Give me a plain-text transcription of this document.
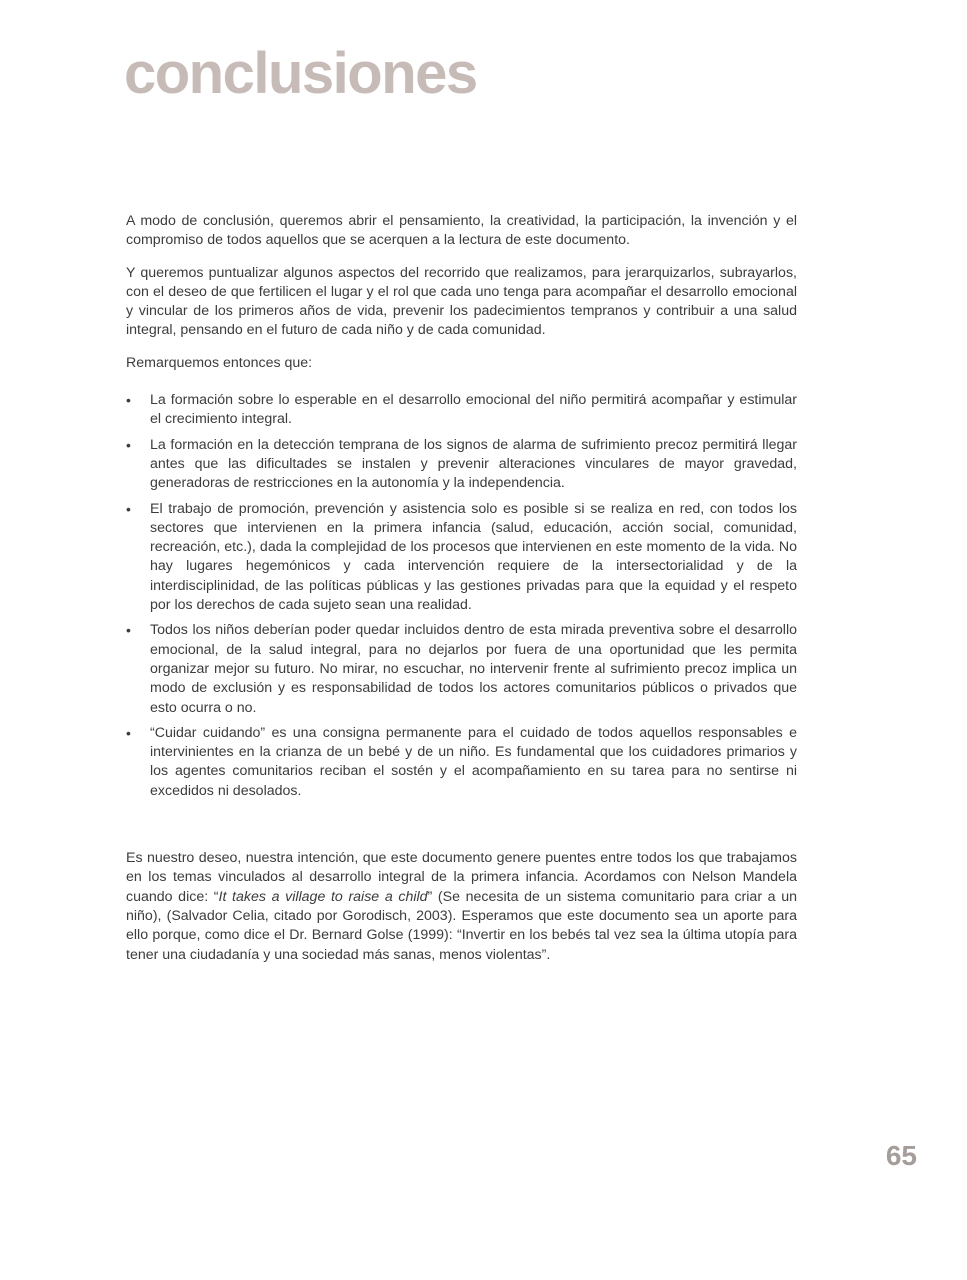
conclusiones

A modo de conclusión, queremos abrir el pensamiento, la creatividad, la participación, la invención y el compromiso de todos aquellos que se acerquen a la lectura de este documento.

Y queremos puntualizar algunos aspectos del recorrido que realizamos, para jerarquizarlos, subrayarlos, con el deseo de que fertilicen el lugar y el rol que cada uno tenga para acompañar el desarrollo emocional y vincular de los primeros años de vida, prevenir los padecimientos tempranos y contribuir a una salud integral, pensando en el futuro de cada niño y de cada comunidad.

Remarquemos entonces que:

• La formación sobre lo esperable en el desarrollo emocional del niño permitirá acompañar y estimular el crecimiento integral.
• La formación en la detección temprana de los signos de alarma de sufrimiento precoz permitirá llegar antes que las dificultades se instalen y prevenir alteraciones vinculares de mayor gravedad, generadoras de restricciones en la autonomía y la independencia.
• El trabajo de promoción, prevención y asistencia solo es posible si se realiza en red, con todos los sectores que intervienen en la primera infancia (salud, educación, acción social, comunidad, recreación, etc.), dada la complejidad de los procesos que intervienen en este momento de la vida. No hay lugares hegemónicos y cada intervención requiere de la intersectorialidad y de la interdisciplinidad, de las políticas públicas y las gestiones privadas para que la equidad y el respeto por los derechos de cada sujeto sean una realidad.
• Todos los niños deberían poder quedar incluidos dentro de esta mirada preventiva sobre el desarrollo emocional, de la salud integral, para no dejarlos por fuera de una oportunidad que les permita organizar mejor su futuro. No mirar, no escuchar, no intervenir frente al sufrimiento precoz implica un modo de exclusión y es responsabilidad de todos los actores comunitarios públicos o privados que esto ocurra o no.
• “Cuidar cuidando” es una consigna permanente para el cuidado de todos aquellos responsables e intervinientes en la crianza de un bebé y de un niño. Es fundamental que los cuidadores primarios y los agentes comunitarios reciban el sostén y el acompañamiento en su tarea para no sentirse ni excedidos ni desolados.

Es nuestro deseo, nuestra intención, que este documento genere puentes entre todos los que trabajamos en los temas vinculados al desarrollo integral de la primera infancia. Acordamos con Nelson Mandela cuando dice: “It takes a village to raise a child” (Se necesita de un sistema comunitario para criar a un niño), (Salvador Celia, citado por Gorodisch, 2003). Esperamos que este documento sea un aporte para ello porque, como dice el Dr. Bernard Golse (1999): “Invertir en los bebés tal vez sea la última utopía para tener una ciudadanía y una sociedad más sanas, menos violentas”.

65
